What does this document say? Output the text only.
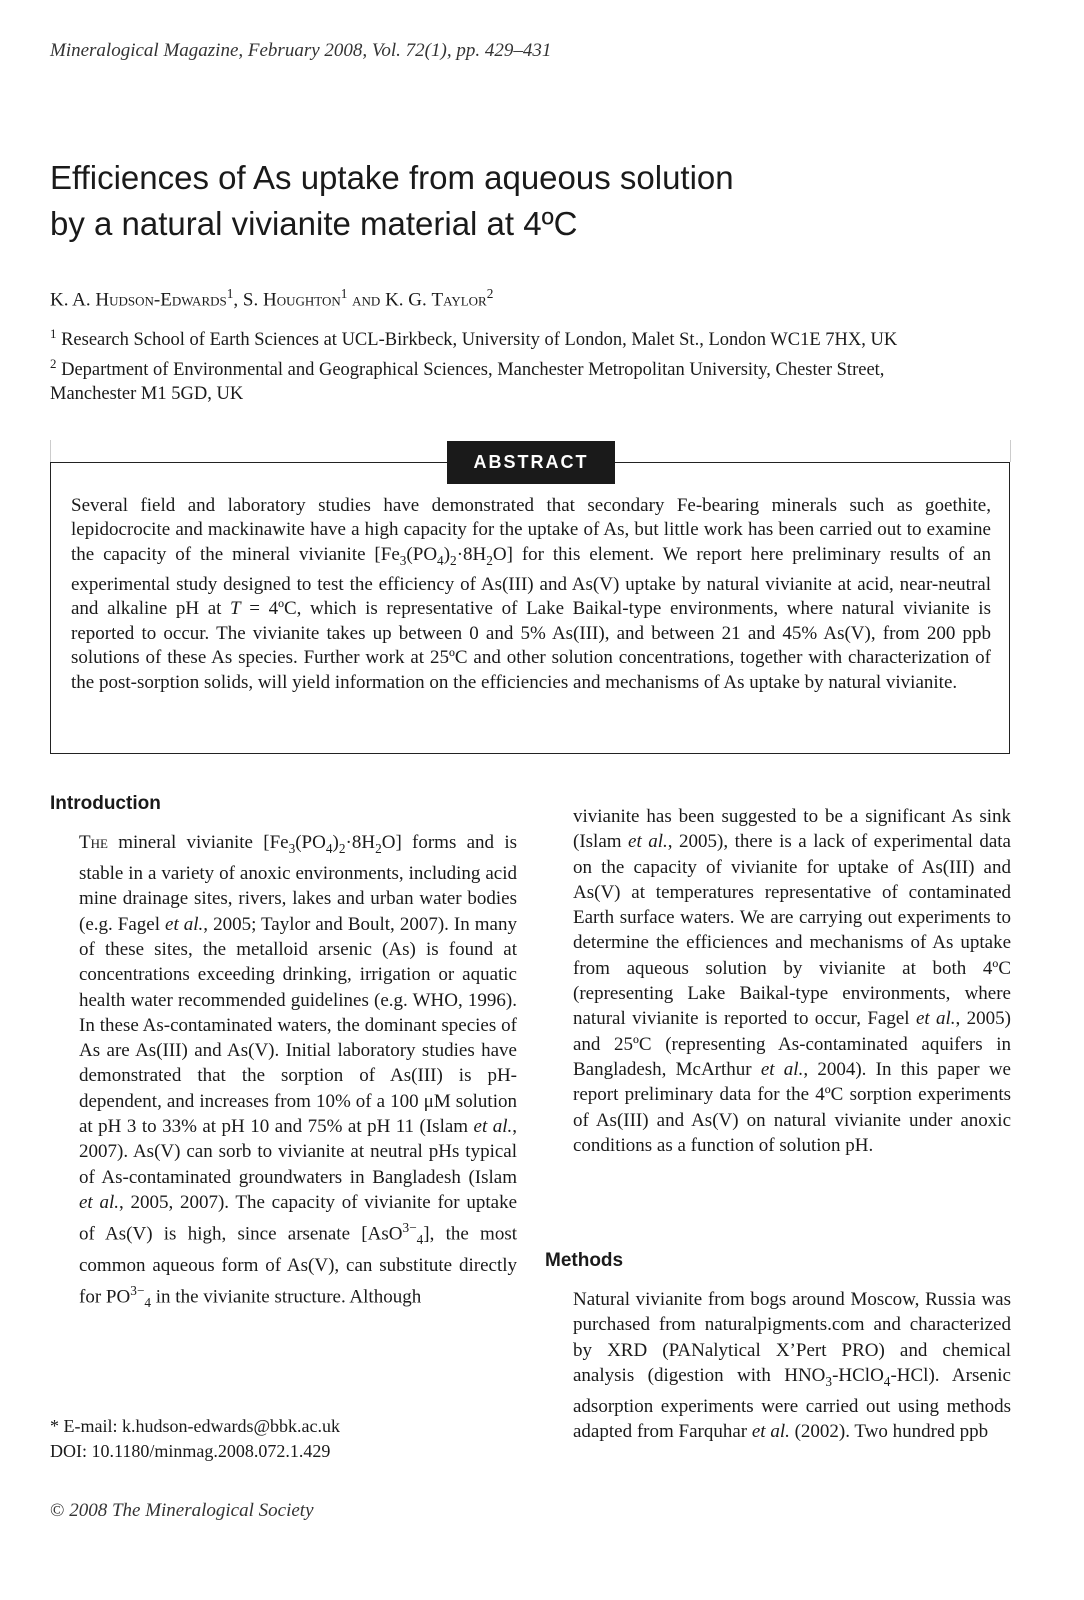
Mineralogical Magazine, February 2008, Vol. 72(1), pp. 429–431
Efficiences of As uptake from aqueous solution
by a natural vivianite material at 4ºC
K. A. Hudson-Edwards$^1$, S. Houghton$^1$ and K. G. Taylor$^2$
$^1$ Research School of Earth Sciences at UCL-Birkbeck, University of London, Malet St., London WC1E 7HX, UK
$^2$ Department of Environmental and Geographical Sciences, Manchester Metropolitan University, Chester Street,
Manchester M1 5GD, UK
ABSTRACT
Several field and laboratory studies have demonstrated that secondary Fe-bearing minerals such as goethite, lepidocrocite and mackinawite have a high capacity for the uptake of As, but little work has been carried out to examine the capacity of the mineral vivianite $[Fe_3(PO_4)_2\cdot 8H_2O]$ for this element. We report here preliminary results of an experimental study designed to test the efficiency of As(III) and As(V) uptake by natural vivianite at acid, near-neutral and alkaline pH at T = 4ºC, which is representative of Lake Baikal-type environments, where natural vivianite is reported to occur. The vivianite takes up between 0 and 5% As(III), and between 21 and 45% As(V), from 200 ppb solutions of these As species. Further work at 25ºC and other solution concentrations, together with characterization of the post-sorption solids, will yield information on the efficiencies and mechanisms of As uptake by natural vivianite.
Introduction
The mineral vivianite $[Fe_3(PO_4)_2\cdot 8H_2O]$ forms and is stable in a variety of anoxic environments, including acid mine drainage sites, rivers, lakes and urban water bodies (e.g. Fagel et al., 2005; Taylor and Boult, 2007). In many of these sites, the metalloid arsenic (As) is found at concentrations exceeding drinking, irrigation or aquatic health water recommended guidelines (e.g. WHO, 1996). In these As-contaminated waters, the dominant species of As are As(III) and As(V). Initial laboratory studies have demonstrated that the sorption of As(III) is pH-dependent, and increases from 10% of a 100 μM solution at pH 3 to 33% at pH 10 and 75% at pH 11 (Islam et al., 2007). As(V) can sorb to vivianite at neutral pHs typical of As-contaminated groundwaters in Bangladesh (Islam et al., 2005, 2007). The capacity of vivianite for uptake of As(V) is high, since arsenate [AsO$^{3-}_4$], the most common aqueous form of As(V), can substitute directly for $PO^{3-}_4$ in the vivianite structure. Although
vivianite has been suggested to be a significant As sink (Islam et al., 2005), there is a lack of experimental data on the capacity of vivianite for uptake of As(III) and As(V) at temperatures representative of contaminated Earth surface waters. We are carrying out experiments to determine the efficiences and mechanisms of As uptake from aqueous solution by vivianite at both 4ºC (representing Lake Baikal-type environments, where natural vivianite is reported to occur, Fagel et al., 2005) and 25ºC (representing As-contaminated aquifers in Bangladesh, McArthur et al., 2004). In this paper we report preliminary data for the 4ºC sorption experiments of As(III) and As(V) on natural vivianite under anoxic conditions as a function of solution pH.
Methods
Natural vivianite from bogs around Moscow, Russia was purchased from naturalpigments.com and characterized by XRD (PANalytical X’Pert PRO) and chemical analysis (digestion with $HNO_3-HClO_4-HCl$). Arsenic adsorption experiments were carried out using methods adapted from Farquhar et al. (2002). Two hundred ppb
* E-mail: k.hudson-edwards@bbk.ac.uk
DOI: 10.1180/minmag.2008.072.1.429
© 2008 The Mineralogical Society
